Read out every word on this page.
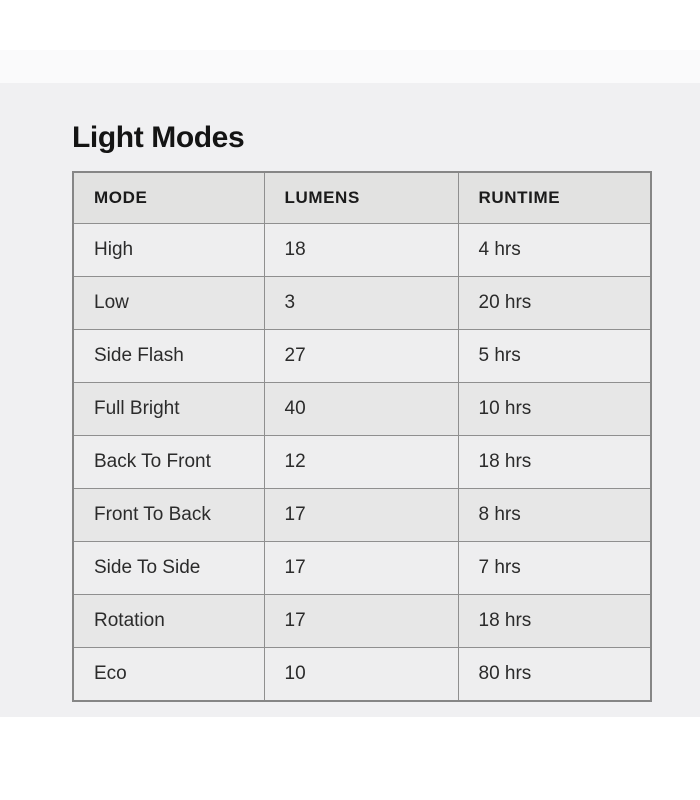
Light Modes
MODE	LUMENS	RUNTIME
High	18	4 hrs
Low	3	20 hrs
Side Flash	27	5 hrs
Full Bright	40	10 hrs
Back To Front	12	18 hrs
Front To Back	17	8 hrs
Side To Side	17	7 hrs
Rotation	17	18 hrs
Eco	10	80 hrs
